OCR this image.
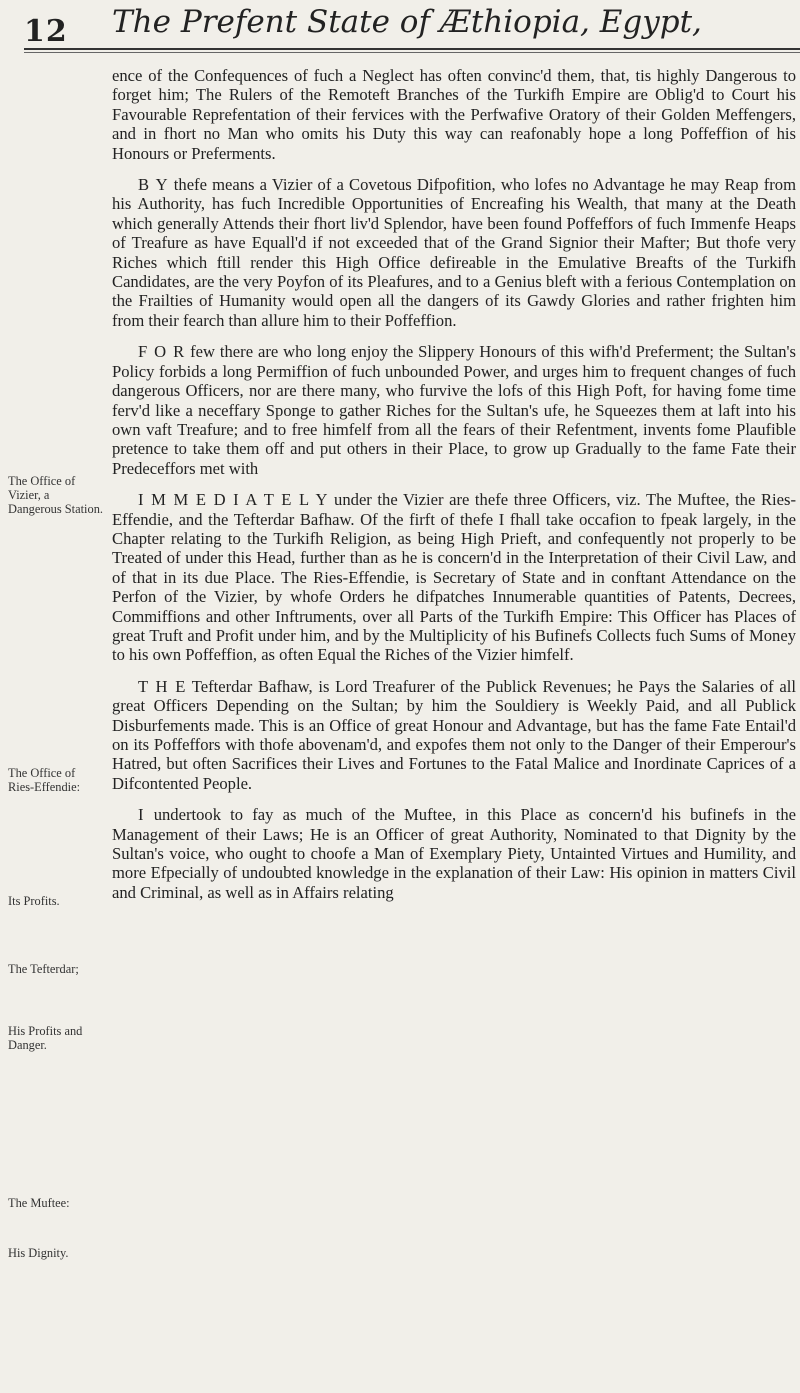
12 The Prefent State of Æthiopia, Egypt,

ence of the Confequences of fuch a Neglect has often convinc'd them, that, tis highly Dangerous to forget him; The Rulers of the Remoteft Branches of the Turkifh Empire are Oblig'd to Court his Favourable Reprefentation of their fervices with the Perfwafive Oratory of their Golden Meffengers, and in fhort no Man who omits his Duty this way can reafonably hope a long Poffeffion of his Honours or Preferments.

B Y thefe means a Vizier of a Covetous Difpofition, who lofes no Advantage he may Reap from his Authority, has fuch Incredible Opportunities of Encreafing his Wealth, that many at the Death which generally Attends their fhort liv'd Splendor, have been found Poffeffors of fuch Immenfe Heaps of Treafure as have Equall'd if not exceeded that of the Grand Signior their Mafter; But thofe very Riches which ftill render this High Office defireable in the Emulative Breafts of the Turkifh Candidates, are the very Poyfon of its Pleafures, and to a Genius bleft with a ferious Contemplation on the Frailties of Humanity would open all the dangers of its Gawdy Glories and rather frighten him from their fearch than allure him to their Poffeffion.

F O R few there are who long enjoy the Slippery Honours of this wifh'd Preferment; the Sultan's Policy forbids a long Permiffion of fuch unbounded Power, and urges him to frequent changes of fuch dangerous Officers, nor are there many, who furvive the lofs of this High Poft, for having fome time ferv'd like a neceffary Sponge to gather Riches for the Sultan's ufe, he Squeezes them at laft into his own vaft Treafure; and to free himfelf from all the fears of their Refentment, invents fome Plaufible pretence to take them off and put others in their Place, to grow up Gradually to the fame Fate their Predeceffors met with

I M M E D I A T E L Y under the Vizier are thefe three Officers, viz. The Muftee, the Ries-Effendie, and the Tefterdar Bafhaw. Of the firft of thefe I fhall take occafion to fpeak largely, in the Chapter relating to the Turkifh Religion, as being High Prieft, and confequently not properly to be Treated of under this Head, further than as he is concern'd in the Interpretation of their Civil Law, and of that in its due Place. The Ries-Effendie, is Secretary of State and in conftant Attendance on the Perfon of the Vizier, by whofe Orders he difpatches Innumerable quantities of Patents, Decrees, Commiffions and other Inftruments, over all Parts of the Turkifh Empire: This Officer has Places of great Truft and Profit under him, and by the Multiplicity of his Bufinefs Collects fuch Sums of Money to his own Poffeffion, as often Equal the Riches of the Vizier himfelf.

T H E Tefterdar Bafhaw, is Lord Treafurer of the Publick Revenues; he Pays the Salaries of all great Officers Depending on the Sultan; by him the Souldiery is Weekly Paid, and all Publick Disburfements made. This is an Office of great Honour and Advantage, but has the fame Fate Entail'd on its Poffeffors with thofe abovenam'd, and expofes them not only to the Danger of their Emperour's Hatred, but often Sacrifices their Lives and Fortunes to the Fatal Malice and Inordinate Caprices of a Difcontented People.

I undertook to fay as much of the Muftee, in this Place as concern'd his bufinefs in the Management of their Laws; He is an Officer of great Authority, Nominated to that Dignity by the Sultan's voice, who ought to choofe a Man of Exemplary Piety, Untainted Virtues and Humility, and more Efpecially of undoubted knowledge in the explanation of their Law: His opinion in matters Civil and Criminal, as well as in Affairs relating

The Office of Vizier, a Dangerous Station.
The Office of Ries-Effendie:
Its Profits.
The Tefterdar;
His Profits and Danger.
The Muftee:
His Dignity.
